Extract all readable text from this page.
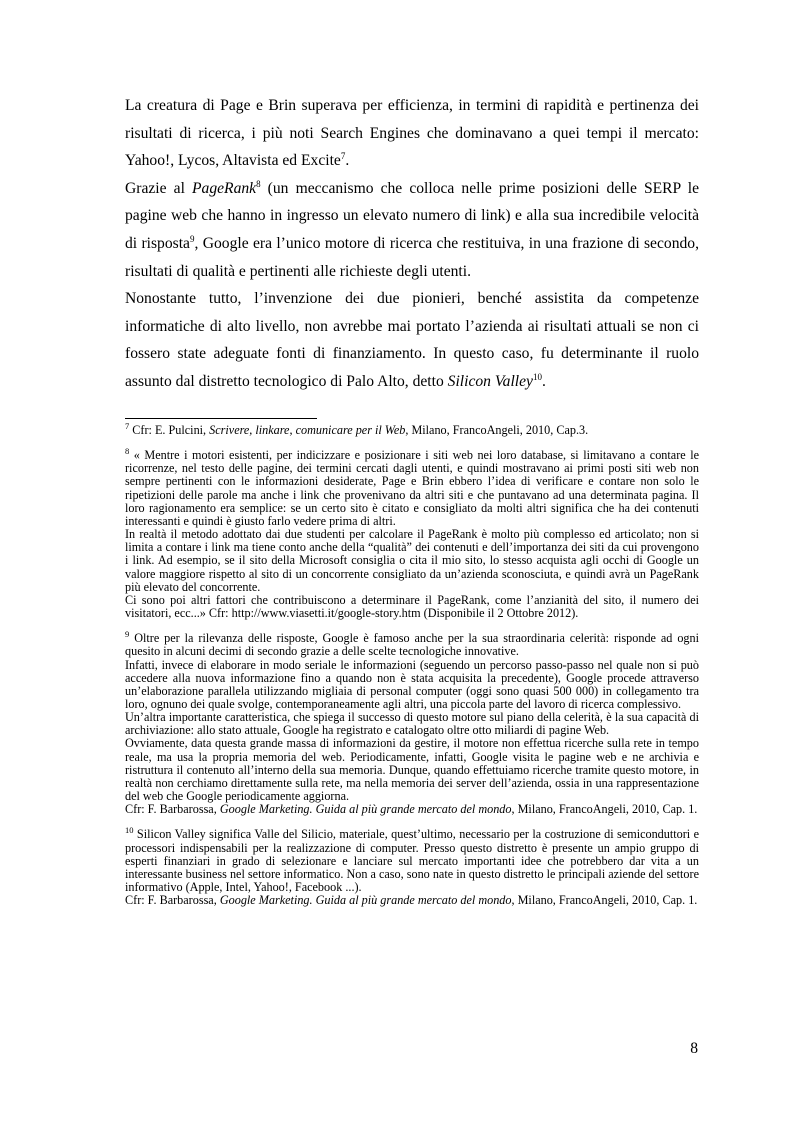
La creatura di Page e Brin superava per efficienza, in termini di rapidità e pertinenza dei risultati di ricerca, i più noti Search Engines che dominavano a quei tempi il mercato: Yahoo!, Lycos, Altavista ed Excite$^7$.

Grazie al PageRank$^8$ (un meccanismo che colloca nelle prime posizioni delle SERP le pagine web che hanno in ingresso un elevato numero di link) e alla sua incredibile velocità di risposta$^9$, Google era l’unico motore di ricerca che restituiva, in una frazione di secondo, risultati di qualità e pertinenti alle richieste degli utenti.

Nonostante tutto, l’invenzione dei due pionieri, benché assistita da competenze informatiche di alto livello, non avrebbe mai portato l’azienda ai risultati attuali se non ci fossero state adeguate fonti di finanziamento. In questo caso, fu determinante il ruolo assunto dal distretto tecnologico di Palo Alto, detto Silicon Valley$^{10}$.

$^7$ Cfr: E. Pulcini, Scrivere, linkare, comunicare per il Web, Milano, FrancoAngeli, 2010, Cap.3.

$^8$ « Mentre i motori esistenti, per indicizzare e posizionare i siti web nei loro database, si limitavano a contare le ricorrenze, nel testo delle pagine, dei termini cercati dagli utenti, e quindi mostravano ai primi posti siti web non sempre pertinenti con le informazioni desiderate, Page e Brin ebbero l’idea di verificare e contare non solo le ripetizioni delle parole ma anche i link che provenivano da altri siti e che puntavano ad una determinata pagina. Il loro ragionamento era semplice: se un certo sito è citato e consigliato da molti altri significa che ha dei contenuti interessanti e quindi è giusto farlo vedere prima di altri.

In realtà il metodo adottato dai due studenti per calcolare il PageRank è molto più complesso ed articolato; non si limita a contare i link ma tiene conto anche della “qualità” dei contenuti e dell’importanza dei siti da cui provengono i link. Ad esempio, se il sito della Microsoft consiglia o cita il mio sito, lo stesso acquista agli occhi di Google un valore maggiore rispetto al sito di un concorrente consigliato da un’azienda sconosciuta, e quindi avrà un PageRank più elevato del concorrente.

Ci sono poi altri fattori che contribuiscono a determinare il PageRank, come l’anzianità del sito, il numero dei visitatori, ecc...» Cfr: http://www.viasetti.it/google-story.htm (Disponibile il 2 Ottobre 2012).

$^9$ Oltre per la rilevanza delle risposte, Google è famoso anche per la sua straordinaria celerità: risponde ad ogni quesito in alcuni decimi di secondo grazie a delle scelte tecnologiche innovative.

Infatti, invece di elaborare in modo seriale le informazioni (seguendo un percorso passo-passo nel quale non si può accedere alla nuova informazione fino a quando non è stata acquisita la precedente), Google procede attraverso un’elaborazione parallela utilizzando migliaia di personal computer (oggi sono quasi 500 000) in collegamento tra loro, ognuno dei quale svolge, contemporaneamente agli altri, una piccola parte del lavoro di ricerca complessivo.

Un’altra importante caratteristica, che spiega il successo di questo motore sul piano della celerità, è la sua capacità di archiviazione: allo stato attuale, Google ha registrato e catalogato oltre otto miliardi di pagine Web.

Ovviamente, data questa grande massa di informazioni da gestire, il motore non effettua ricerche sulla rete in tempo reale, ma usa la propria memoria del web. Periodicamente, infatti, Google visita le pagine web e ne archivia e ristruttura il contenuto all’interno della sua memoria. Dunque, quando effettuiamo ricerche tramite questo motore, in realtà non cerchiamo direttamente sulla rete, ma nella memoria dei server dell’azienda, ossia in una rappresentazione del web che Google periodicamente aggiorna.

Cfr: F. Barbarossa, Google Marketing. Guida al più grande mercato del mondo, Milano, FrancoAngeli, 2010, Cap. 1.

$^{10}$ Silicon Valley significa Valle del Silicio, materiale, quest’ultimo, necessario per la costruzione di semiconduttori e processori indispensabili per la realizzazione di computer. Presso questo distretto è presente un ampio gruppo di esperti finanziari in grado di selezionare e lanciare sul mercato importanti idee che potrebbero dar vita a un interessante business nel settore informatico. Non a caso, sono nate in questo distretto le principali aziende del settore informativo (Apple, Intel, Yahoo!, Facebook ...).

Cfr: F. Barbarossa, Google Marketing. Guida al più grande mercato del mondo, Milano, FrancoAngeli, 2010, Cap. 1.

8
